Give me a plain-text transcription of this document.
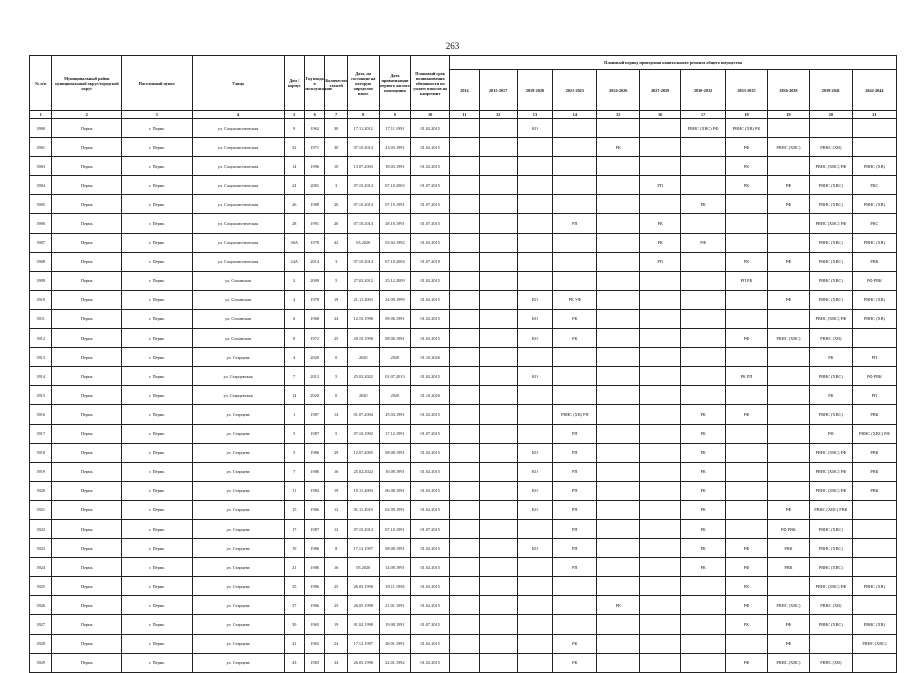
263
№ п/п	Муниципальный район муниципальный округ/городской округ	Населенный пункт	Улица	Дом / корпус	Год ввода в эксплуатацию	Количество этажей	Дата, на состояние на которую определен износ	Дата приватизации первого жилого помещения	Плановый срок возникновения обязанности по уплате взносов на капремонт	Плановый период проведения капитального ремонта общего имущества										
										2014	2015-2017	2018-2020	2021-2023	2024-2026	2027-2029	2030-2032	2033-2035	2036-2038	2039-2041	2042-2044
1	2	3	4	5	6	7	8	9	10	11	12	13	14	15	16	17	18	19	20	21
3900	Пермь	г. Пермь	ул. Социалистическая	9	1962	30	17.11.2012	17.11.1991	01.02.2015			КО				РВНС (ХВС) РФ	РВНС (ХВ) РК			
3901	Пермь	г. Пермь	ул. Социалистическая	52	1971	30	07.10.2014	23.03.1991	01.02.2015					РК			РФ	РВНС (ХВС)	РВНС (ХВ)	
3903	Пермь	г. Пермь	ул. Социалистическая	14	1996	10	13.07.2003	18.03.1991	01.02.2015								РК		РВНС (ХВС) РФ	РВНС (ХВ)
3904	Пермь	г. Пермь	ул. Социалистическая	24	2001	3	07.10.2014	07.10.2003	01.07.2015						РП		РК	РФ	РВНС (ХВС)	РКС
3905	Пермь	г. Пермь	ул. Социалистическая	26	1988	20	07.10.2014	07.10.1991	01.07.2015							РК		РФ	РВНС (ХВС)	РВНС (ХВ)
3906	Пермь	г. Пермь	ул. Социалистическая	28	1991	20	07.10.2014	28.10.1991	01.07.2015				РП		РК				РВНС (ХВС) РФ	РКС
3907	Пермь	г. Пермь	ул. Социалистическая	30А	1978	42	03.2020	03.02.1992	01.02.2015						РК	РФ			РВНС (ХВС)	РВНС (ХВ)
3908	Пермь	г. Пермь	ул. Социалистическая	24А	2014	3	07.10.2014	07.10.2004	01.07.2019						РП		РК	РФ	РВНС (ХВС)	РВК
3909	Пермь	г. Пермь	ул. Сочинская	2	2009	5	27.03.2012	25.12.2009	01.02.2015								РП РК		РВНС (ХВС)	РФ РВК
3910	Пермь	г. Пермь	ул. Сочинская	4	1978	19	21.11.2003	24.09.1999	01.02.2015			КО	РК УФ					РФ	РВНС (ХВС)	РВНС (ХВ)
3911	Пермь	г. Пермь	ул. Сочинская	6	1968	24	12.10.1998	09.06.1991	01.02.2015			КО	РК						РВНС (ХВС) РФ	РВНС (ХВ)
3912	Пермь	г. Пермь	ул. Сочинская	8	1972	25	20.10.1998	08.06.1991	01.02.2015			КО	РК				РФ	РВНС (ХВС)	РВНС (ХВ)	
3913	Пермь	г. Пермь	ул. Старцева	4	2020	0	2020	2020	01.10.2026										РК	РП
3914	Пермь	г. Пермь	ул. Старцевская	7	2013	5	25.03.2022	01.07.2013	01.02.2015			КО					РК РП		РВНС (ХВС)	РФ РВК
3915	Пермь	г. Пермь	ул. Старцевская	14	2020	0	2020	2020	01.10.2026										РК	РП
3916	Пермь	г. Пермь	ул. Старцева	1	1987	14	01.07.2004	25.04.1991	01.02.2015				РВНС (ХВ) РП			РК	РФ		РВНС (ХВС)	РВК
3917	Пермь	г. Пермь	ул. Старцева	5	1987	5	07.10.1992	17.12.1991	01.07.2015				РП			РК			РФ	РВНС (ХВС) РФ
3918	Пермь	г. Пермь	ул. Старцева	5	1986	29	12.07.2005	08.08.1991	01.02.2015			КО	РП			РК			РВНС (ХВС) РФ	РВК
3919	Пермь	г. Пермь	ул. Старцева	7	1986	16	25.02.2022	16.08.1991	01.02.2015			КО	РП			РК			РВНС (ХВС) РФ	РВК
3920	Пермь	г. Пермь	ул. Старцева	11	1984	19	10.11.2003	06.08.1991	01.02.2015			КО	РП			РК			РВНС (ХВС) РФ	РВК
3921	Пермь	г. Пермь	ул. Старцева	15	1986	12	01.11.2019	02.09.1991	01.02.2015			КО	РП			РК		РФ	РВНС (ХВС) РВК	
3922	Пермь	г. Пермь	ул. Старцева	17	1987	12	07.10.2014	07.10.1991	01.07.2015				РП			РК		РФ РВК	РВНС (ХВС)	
3923	Пермь	г. Пермь	ул. Старцева	19	1986	8	17.12.1997	08.08.1991	01.02.2015			КО	РП			РК	РФ	РВК	РВНС (ХВС)	
3924	Пермь	г. Пермь	ул. Старцева	21	1986	16	05.2020	14.08.1991	01.02.2015				РП			РК	РФ	РВК	РВНС (ХВС)	
3925	Пермь	г. Пермь	ул. Старцева	35	1986	25	26.05.1998	18.11.1994	01.02.2015								РК		РВНС (ХВС) РФ	РВНС (ХВ)
3926	Пермь	г. Пермь	ул. Старцева	37	1966	25	26.05.1998	21.01.1991	01.02.2015					РК			РФ	РВНС (ХВС)	РВНС (ХВ)	
3927	Пермь	г. Пермь	ул. Старцева	39	1965	19	01.02.1998	19.08.1991	01.07.2015								РК	РФ	РВНС (ХВС)	РВНС (ХВ)
3928	Пермь	г. Пермь	ул. Старцева	41	1965	24	17.12.1997	28.01.1991	01.02.2015				РК					РФ		РВНС (ХВС)
3929	Пермь	г. Пермь	ул. Старцева	43	1965	34	26.05.1998	22.01.1992	01.02.2015				РК				РФ	РВНС (ХВС)	РВНС (ХВ)	
